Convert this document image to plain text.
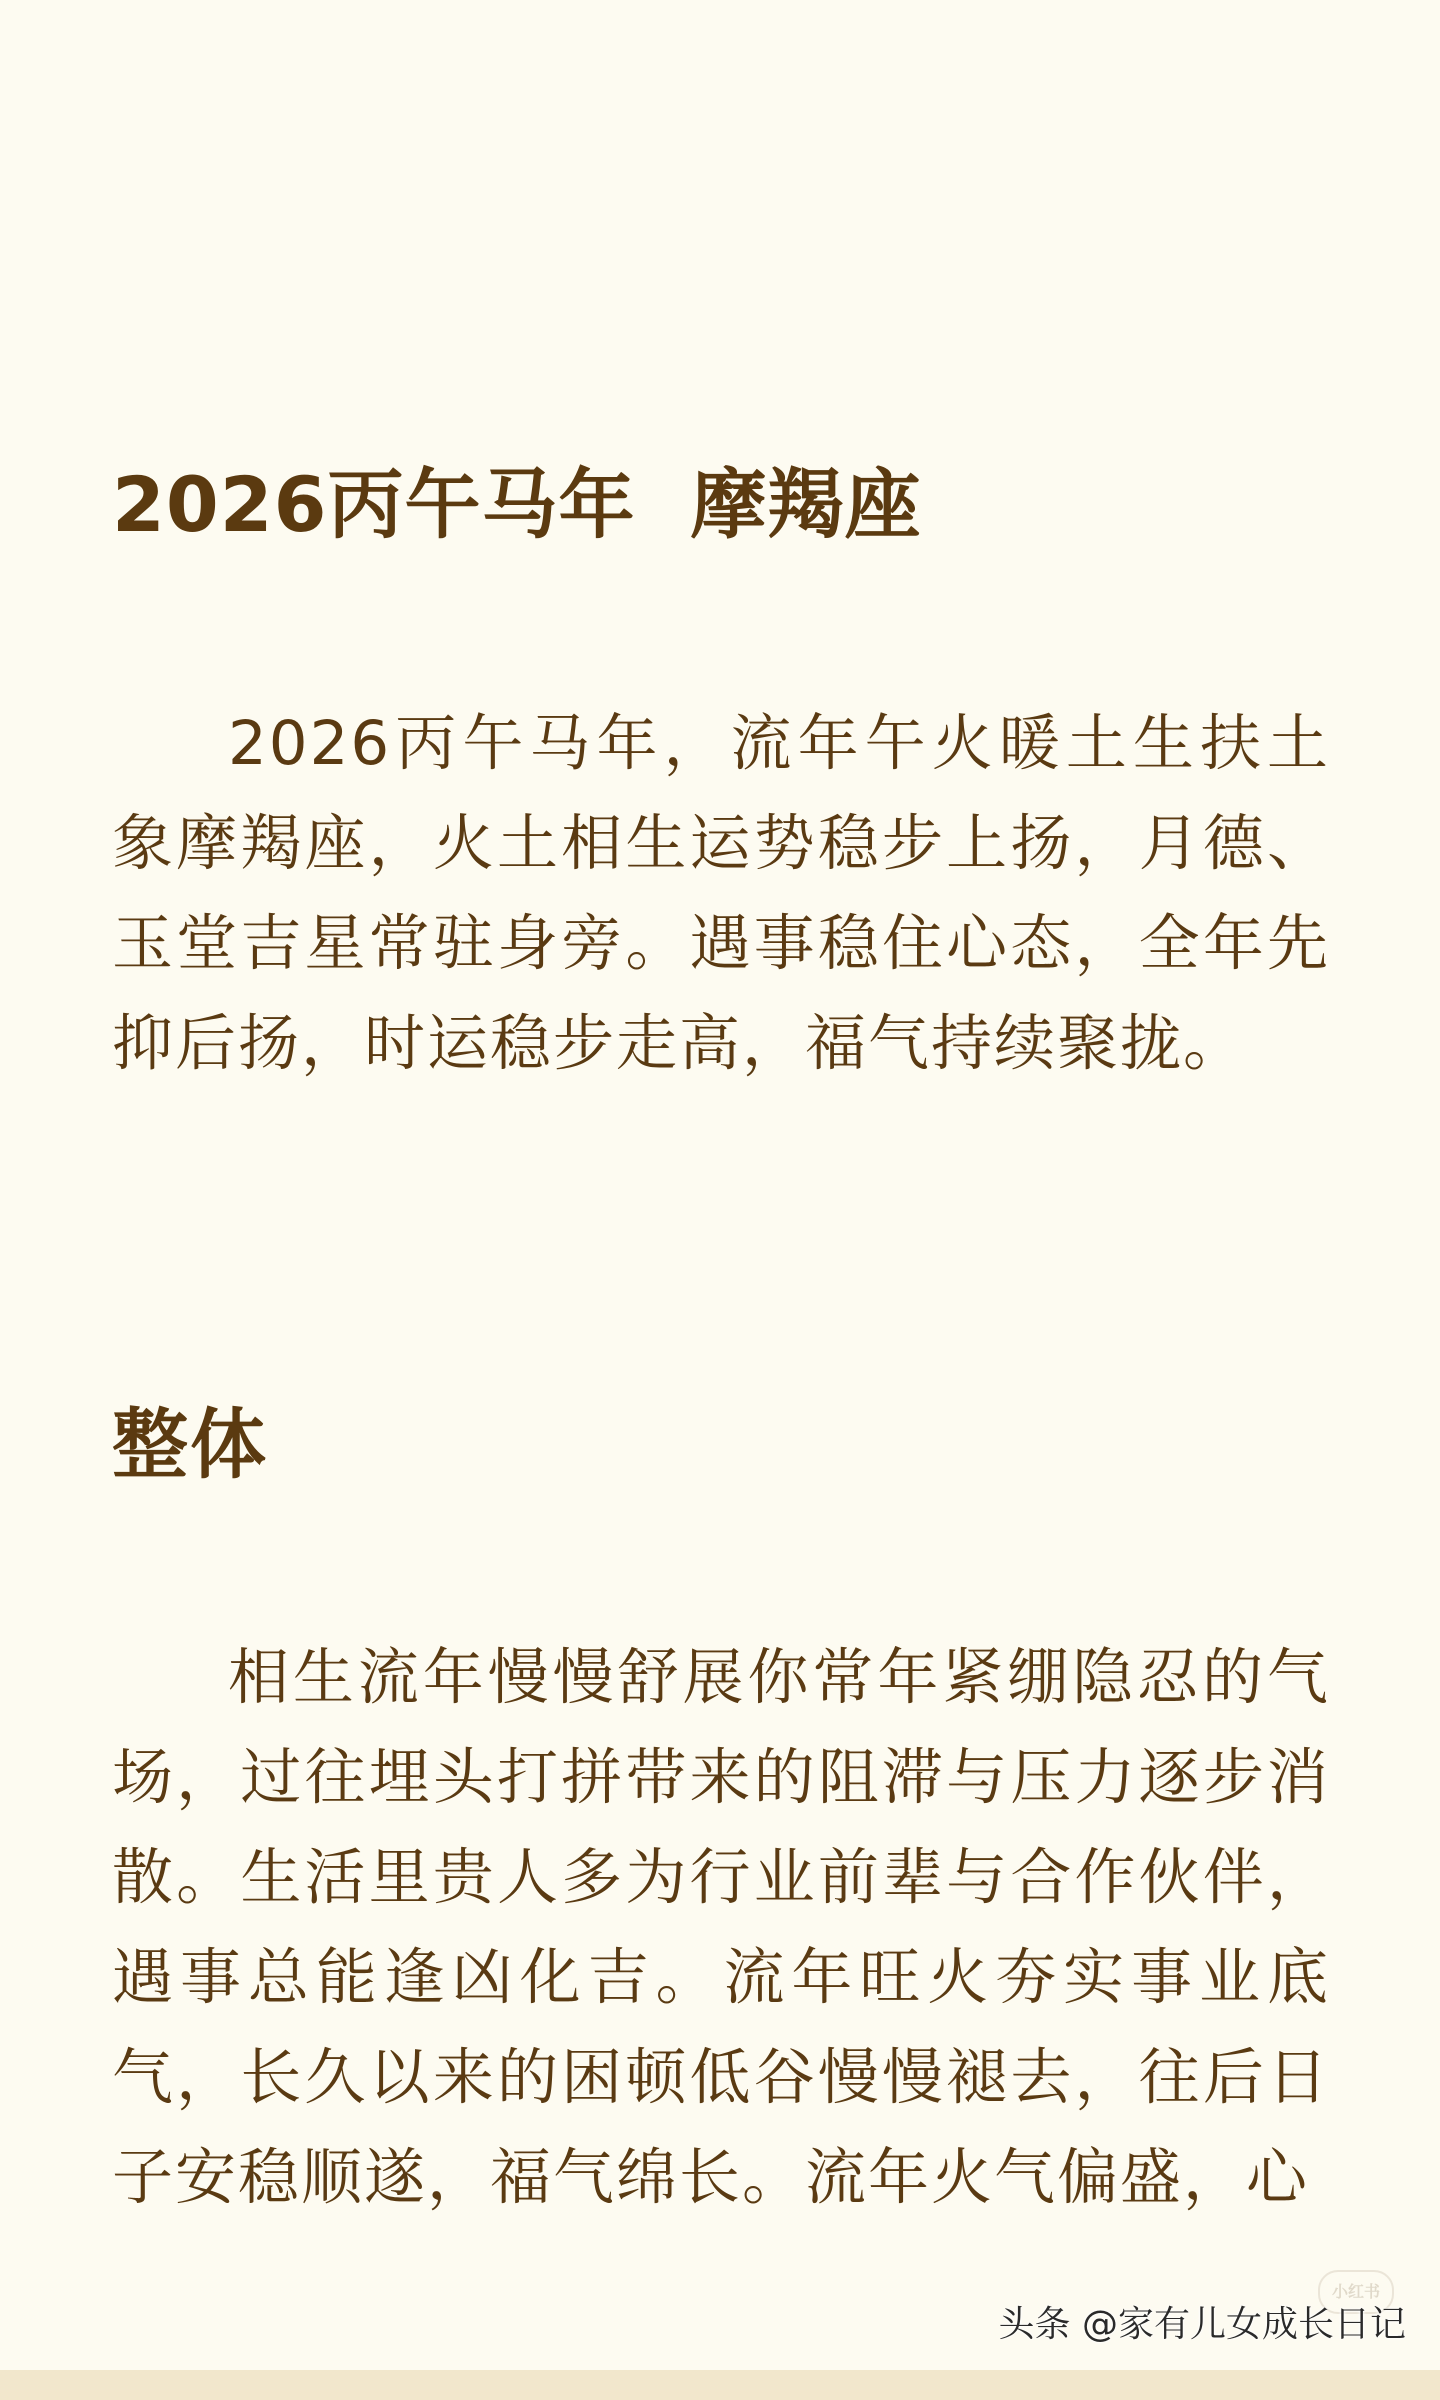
2026丙午马年  摩羯座

2026丙午马年，流年午火暖土生扶土象摩羯座，火土相生运势稳步上扬，月德、玉堂吉星常驻身旁。遇事稳住心态，全年先抑后扬，时运稳步走高，福气持续聚拢。

整体

相生流年慢慢舒展你常年紧绷隐忍的气场，过往埋头打拼带来的阻滞与压力逐步消散。生活里贵人多为行业前辈与合作伙伴，遇事总能逢凶化吉。流年旺火夯实事业底气，长久以来的困顿低谷慢慢褪去，往后日子安稳顺遂，福气绵长。流年火气偏盛，心

小红书

头条 @家有儿女成长日记
